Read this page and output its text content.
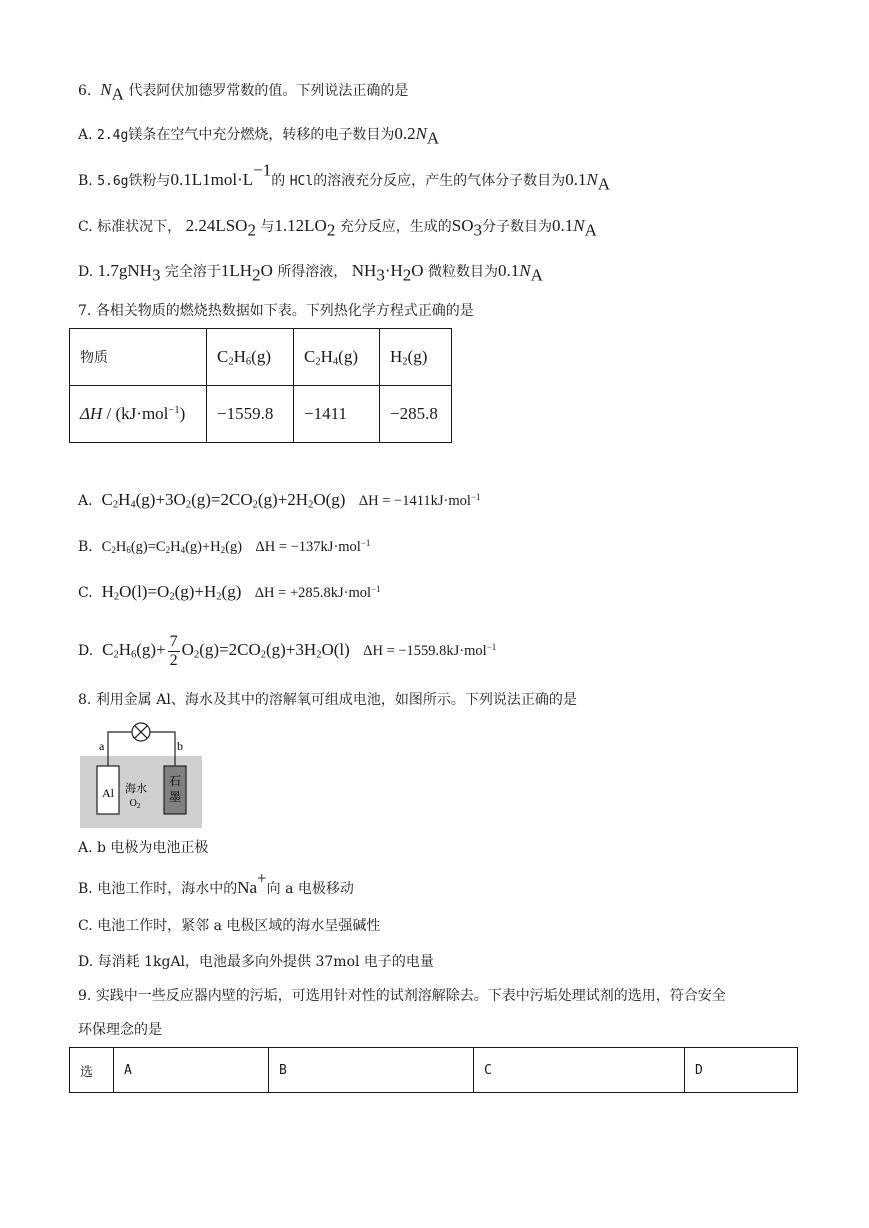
6. $N_A$ 代表阿伏加德罗常数的值。下列说法正确的是
A. 2.4g镁条在空气中充分燃烧，转移的电子数目为$0.2N_A$
B. 5.6g铁粉与$0.1L1mol\cdot L^{-1}$的 HCl的溶液充分反应，产生的气体分子数目为$0.1N_A$
C. 标准状况下， $2.24LSO_2$ 与$1.12LO_2$ 充分反应，生成的$SO_3$分子数目为$0.1N_A$
D. 1.7gNH$_3$ 完全溶于$1LH_2O$ 所得溶液， $NH_3\cdot H_2O$ 微粒数目为$0.1N_A$
7. 各相关物质的燃烧热数据如下表。下列热化学方程式正确的是
物质	$C_2H_6(g)$	$C_2H_4(g)$	$H_2(g)$
ΔH / (kJ·mol$^{-1}$)	−1559.8	−1411	−285.8
A. $C_2H_4(g)+3O_2(g)=2CO_2(g)+2H_2O(g) \Delta H = -1411kJ\cdot mol^{-1}$
B. $C_2H_6(g)=C_2H_4(g)+H_2(g) \Delta H = -137kJ\cdot mol^{-1}$
C. $H_2O(l)=O_2(g)+H_2(g) \Delta H = +285.8kJ\cdot mol^{-1}$
D. $C_2H_6(g)+ \frac{7}{2} O_2(g)=2CO_2(g)+3H_2O(l) \Delta H = -1559.8kJ\cdot mol^{-1}$
8. 利用金属 Al、海水及其中的溶解氧可组成电池，如图所示。下列说法正确的是
a	b
Al
石
墨
海水
$O_2$
A. b 电极为电池正极
B. 电池工作时，海水中的Na+向 a 电极移动
C. 电池工作时，紧邻 a 电极区域的海水呈强碱性
D. 每消耗 1kgAl，电池最多向外提供 37mol 电子的电量
9. 实践中一些反应器内壁的污垢，可选用针对性的试剂溶解除去。下表中污垢处理试剂的选用，符合安全
环保理念的是
选	A	B	C	D
